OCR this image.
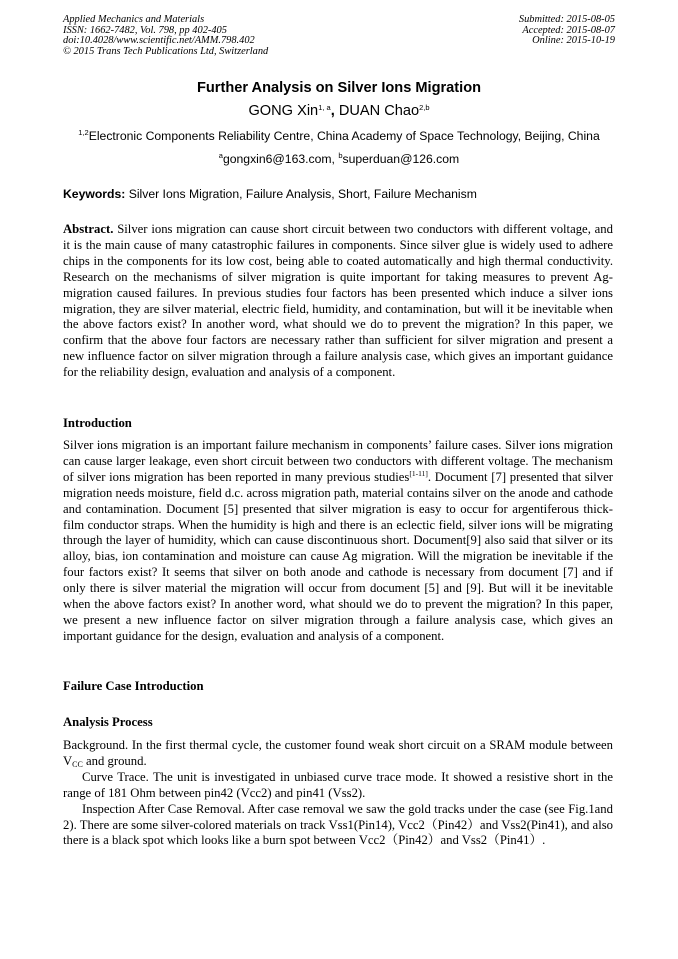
Applied Mechanics and Materials
ISSN: 1662-7482, Vol. 798, pp 402-405
doi:10.4028/www.scientific.net/AMM.798.402
© 2015 Trans Tech Publications Ltd, Switzerland
Submitted: 2015-08-05
Accepted: 2015-08-07
Online: 2015-10-19
Further Analysis on Silver Ions Migration
GONG Xin$^{1, a}$, DUAN Chao$^{2,b}$
$^{1,2}$Electronic Components Reliability Centre, China Academy of Space Technology, Beijing, China
$^a$gongxin6@163.com, $^b$superduan@126.com
Keywords: Silver Ions Migration, Failure Analysis, Short, Failure Mechanism

Abstract. Silver ions migration can cause short circuit between two conductors with different voltage, and it is the main cause of many catastrophic failures in components. Since silver glue is widely used to adhere chips in the components for its low cost, being able to coated automatically and high thermal conductivity. Research on the mechanisms of silver migration is quite important for taking measures to prevent Ag-migration caused failures. In previous studies four factors has been presented which induce a silver ions migration, they are silver material, electric field, humidity, and contamination, but will it be inevitable when the above factors exist? In another word, what should we do to prevent the migration? In this paper, we confirm that the above four factors are necessary rather than sufficient for silver migration and present a new influence factor on silver migration through a failure analysis case, which gives an important guidance for the reliability design, evaluation and analysis of a component.

Introduction

Silver ions migration is an important failure mechanism in components’ failure cases. Silver ions migration can cause larger leakage, even short circuit between two conductors with different voltage. The mechanism of silver ions migration has been reported in many previous studies[1-11]. Document [7] presented that silver migration needs moisture, field d.c. across migration path, material contains silver on the anode and cathode and contamination. Document [5] presented that silver migration is easy to occur for argentiferous thick-film conductor straps. When the humidity is high and there is an eclectic field, silver ions will be migrating through the layer of humidity, which can cause discontinuous short. Document[9] also said that silver or its alloy, bias, ion contamination and moisture can cause Ag migration. Will the migration be inevitable if the four factors exist? It seems that silver on both anode and cathode is necessary from document [7] and if only there is silver material the migration will occur from document [5] and [9]. But will it be inevitable when the above factors exist? In another word, what should we do to prevent the migration? In this paper, we present a new influence factor on silver migration through a failure analysis case, which gives an important guidance for the design, evaluation and analysis of a component.

Failure Case Introduction
Analysis Process
Background. In the first thermal cycle, the customer found weak short circuit on a SRAM module between $V_{CC}$ and ground.
Curve Trace. The unit is investigated in unbiased curve trace mode. It showed a resistive short in the range of 181 Ohm between pin42 (Vcc2) and pin41 (Vss2).
Inspection After Case Removal. After case removal we saw the gold tracks under the case (see Fig.1and 2). There are some silver-colored materials on track Vss1(Pin14), Vcc2（Pin42）and Vss2(Pin41), and also there is a black spot which looks like a burn spot between Vcc2（Pin42）and Vss2（Pin41）.
